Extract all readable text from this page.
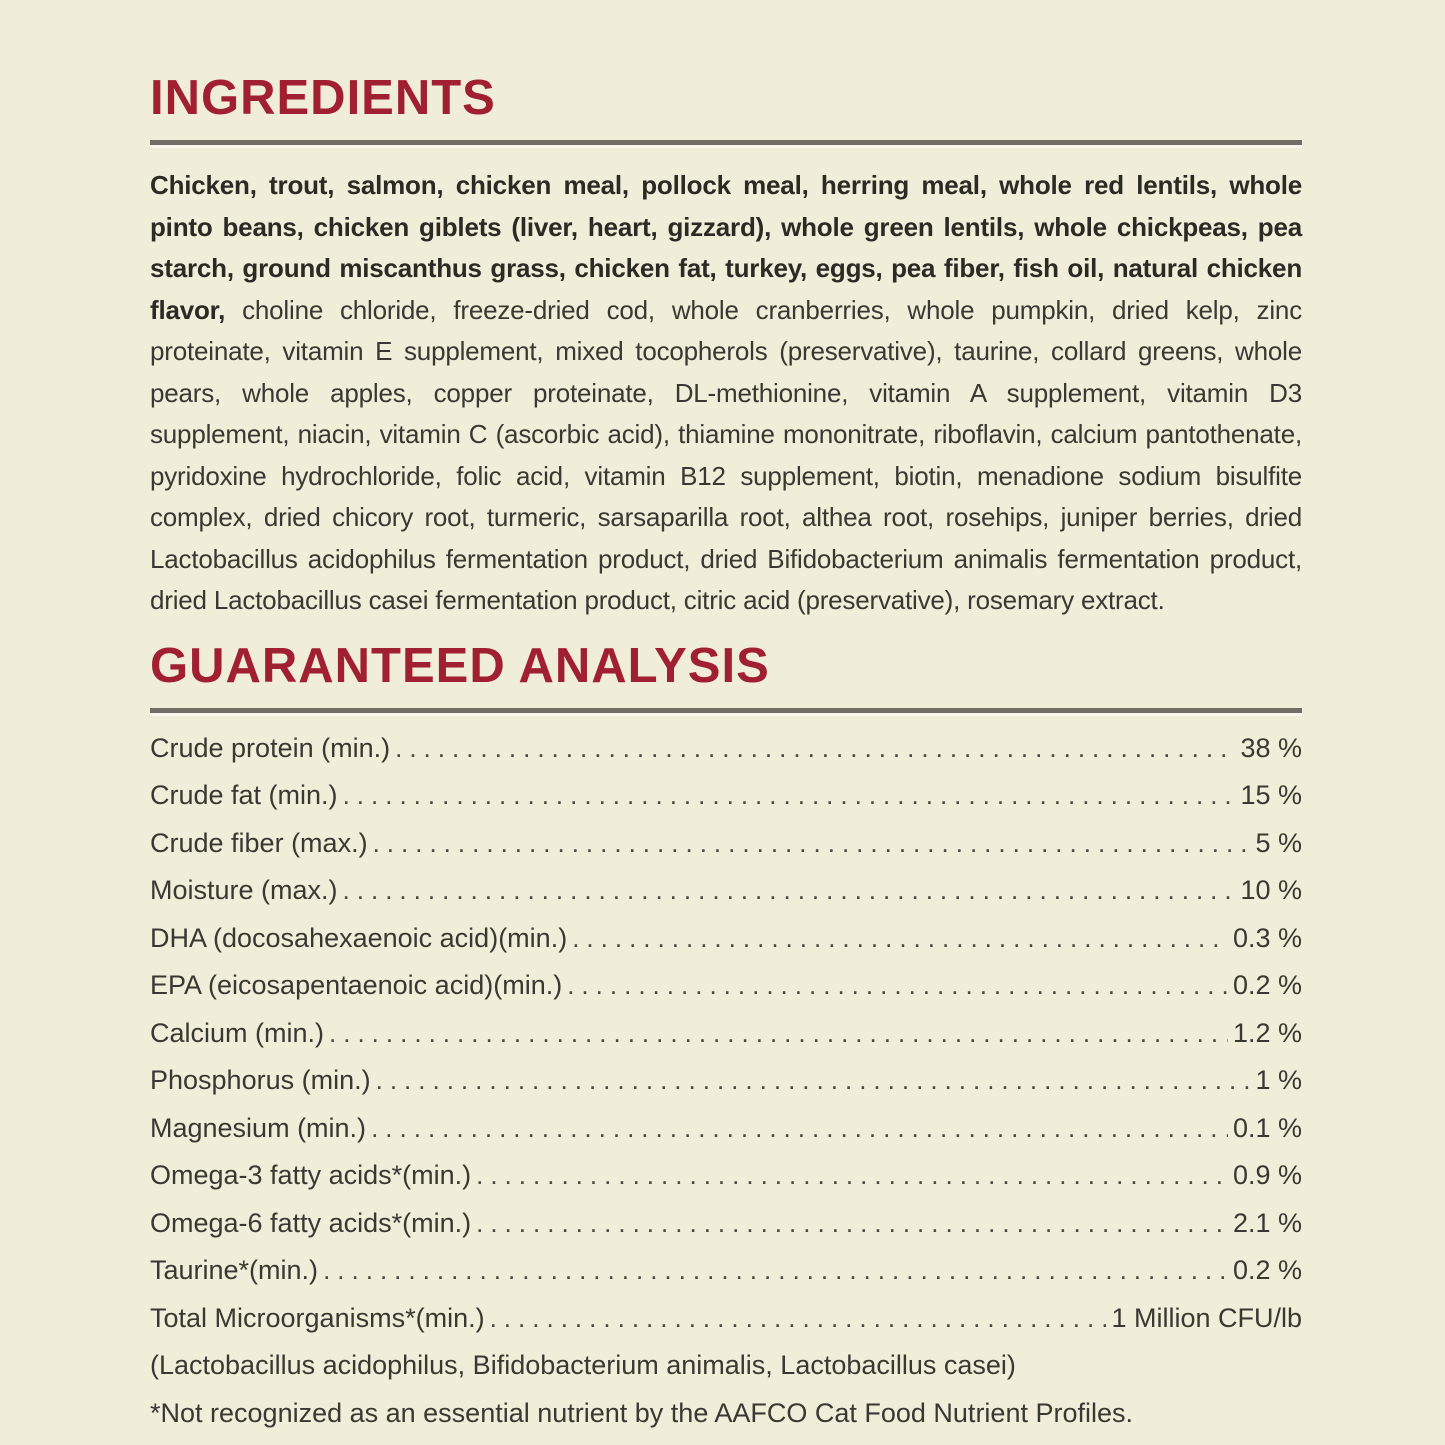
INGREDIENTS

Chicken, trout, salmon, chicken meal, pollock meal, herring meal, whole red lentils, whole pinto beans, chicken giblets (liver, heart, gizzard), whole green lentils, whole chickpeas, pea starch, ground miscanthus grass, chicken fat, turkey, eggs, pea fiber, fish oil, natural chicken flavor, choline chloride, freeze-dried cod, whole cranberries, whole pumpkin, dried kelp, zinc proteinate, vitamin E supplement, mixed tocopherols (preservative), taurine, collard greens, whole pears, whole apples, copper proteinate, DL-methionine, vitamin A supplement, vitamin D3 supplement, niacin, vitamin C (ascorbic acid), thiamine mononitrate, riboflavin, calcium pantothenate, pyridoxine hydrochloride, folic acid, vitamin B12 supplement, biotin, menadione sodium bisulfite complex, dried chicory root, turmeric, sarsaparilla root, althea root, rosehips, juniper berries, dried Lactobacillus acidophilus fermentation product, dried Bifidobacterium animalis fermentation product, dried Lactobacillus casei fermentation product, citric acid (preservative), rosemary extract.

GUARANTEED ANALYSIS
Crude protein (min.) .....	38 %
Crude fat (min.) .....	15 %
Crude fiber (max.) .....	5 %
Moisture (max.) .....	10 %
DHA (docosahexaenoic acid)(min.) .....	0.3 %
EPA (eicosapentaenoic acid)(min.) .....	0.2 %
Calcium (min.) .....	1.2 %
Phosphorus (min.) .....	1 %
Magnesium (min.) .....	0.1 %
Omega-3 fatty acids*(min.) .....	0.9 %
Omega-6 fatty acids*(min.) .....	2.1 %
Taurine*(min.) .....	0.2 %
Total Microorganisms*(min.) .....	1 Million CFU/lb

(Lactobacillus acidophilus, Bifidobacterium animalis, Lactobacillus casei)

*Not recognized as an essential nutrient by the AAFCO Cat Food Nutrient Profiles.
